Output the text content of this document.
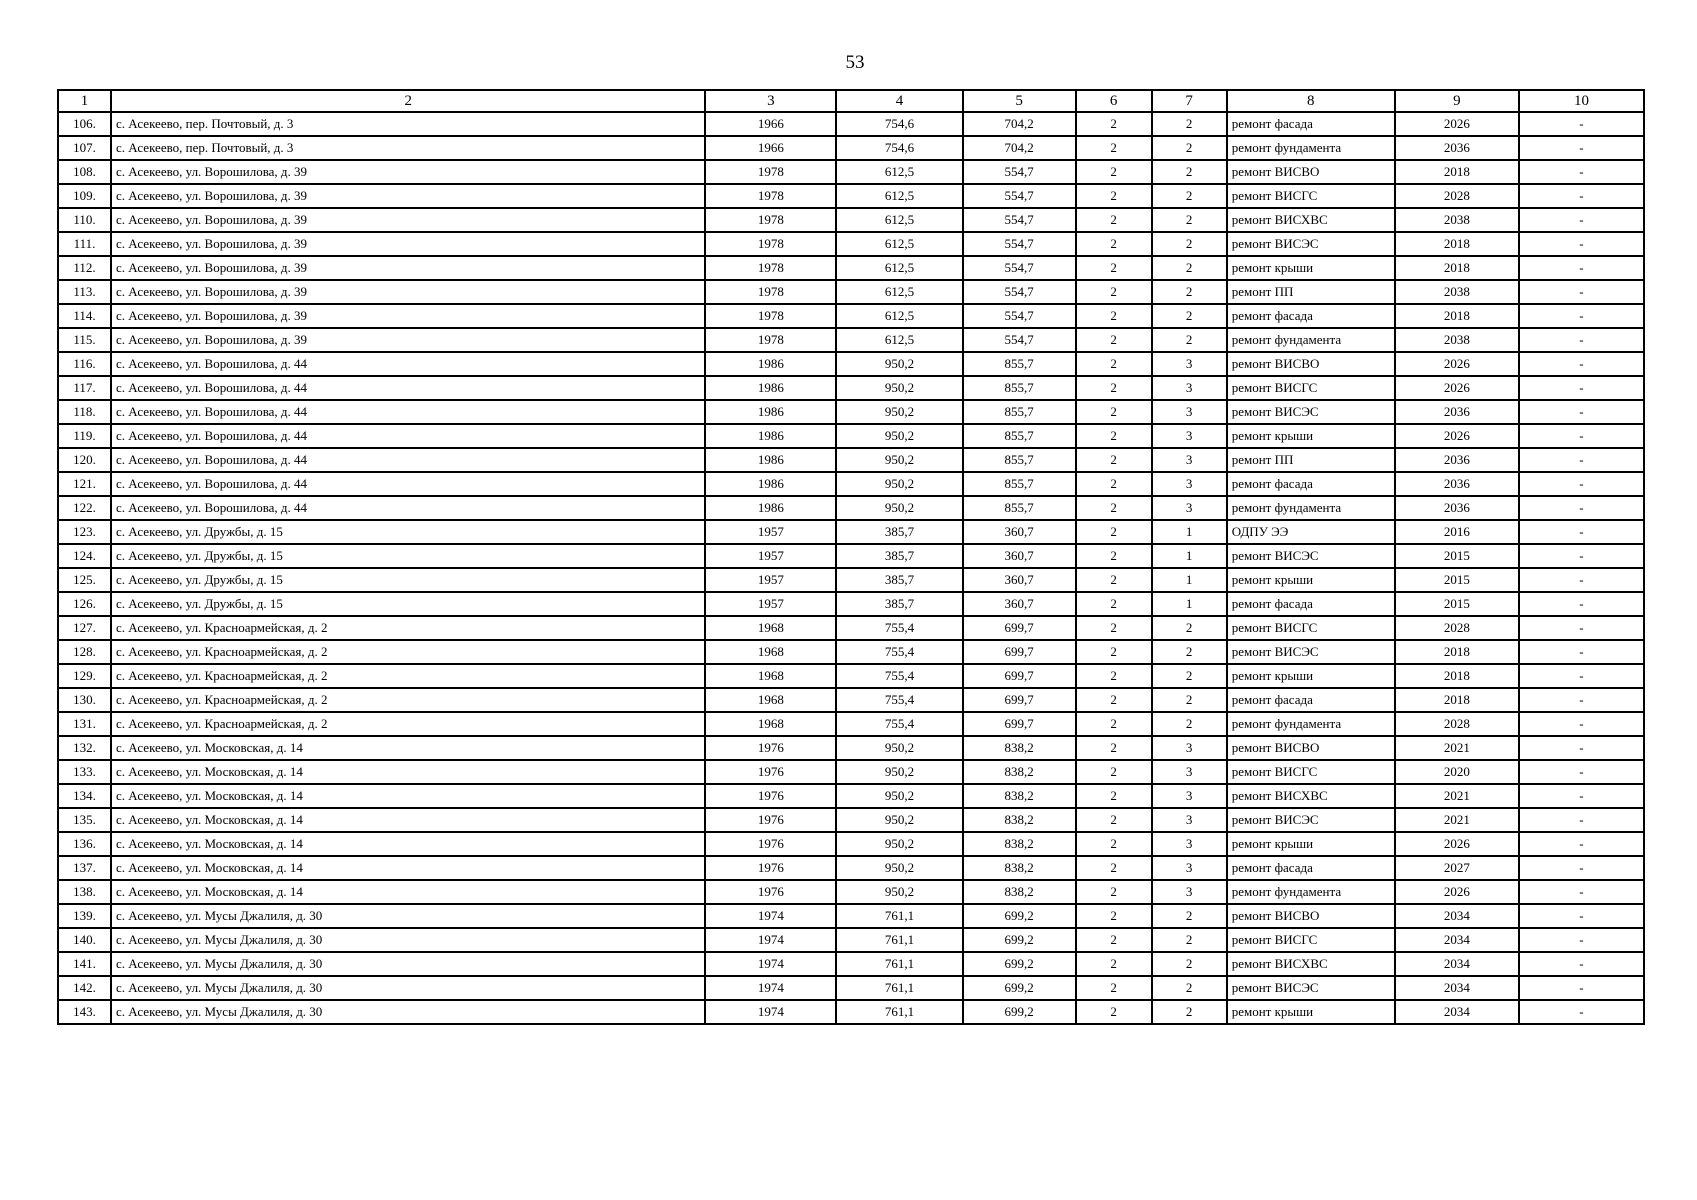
53
1	2	3	4	5	6	7	8	9	10
106.	с. Асекеево, пер. Почтовый, д. 3	1966	754,6	704,2	2	2	ремонт фасада	2026	-
107.	с. Асекеево, пер. Почтовый, д. 3	1966	754,6	704,2	2	2	ремонт фундамента	2036	-
108.	с. Асекеево, ул. Ворошилова, д. 39	1978	612,5	554,7	2	2	ремонт ВИСВО	2018	-
109.	с. Асекеево, ул. Ворошилова, д. 39	1978	612,5	554,7	2	2	ремонт ВИСГС	2028	-
110.	с. Асекеево, ул. Ворошилова, д. 39	1978	612,5	554,7	2	2	ремонт ВИСХВС	2038	-
111.	с. Асекеево, ул. Ворошилова, д. 39	1978	612,5	554,7	2	2	ремонт ВИСЭС	2018	-
112.	с. Асекеево, ул. Ворошилова, д. 39	1978	612,5	554,7	2	2	ремонт крыши	2018	-
113.	с. Асекеево, ул. Ворошилова, д. 39	1978	612,5	554,7	2	2	ремонт ПП	2038	-
114.	с. Асекеево, ул. Ворошилова, д. 39	1978	612,5	554,7	2	2	ремонт фасада	2018	-
115.	с. Асекеево, ул. Ворошилова, д. 39	1978	612,5	554,7	2	2	ремонт фундамента	2038	-
116.	с. Асекеево, ул. Ворошилова, д. 44	1986	950,2	855,7	2	3	ремонт ВИСВО	2026	-
117.	с. Асекеево, ул. Ворошилова, д. 44	1986	950,2	855,7	2	3	ремонт ВИСГС	2026	-
118.	с. Асекеево, ул. Ворошилова, д. 44	1986	950,2	855,7	2	3	ремонт ВИСЭС	2036	-
119.	с. Асекеево, ул. Ворошилова, д. 44	1986	950,2	855,7	2	3	ремонт крыши	2026	-
120.	с. Асекеево, ул. Ворошилова, д. 44	1986	950,2	855,7	2	3	ремонт ПП	2036	-
121.	с. Асекеево, ул. Ворошилова, д. 44	1986	950,2	855,7	2	3	ремонт фасада	2036	-
122.	с. Асекеево, ул. Ворошилова, д. 44	1986	950,2	855,7	2	3	ремонт фундамента	2036	-
123.	с. Асекеево, ул. Дружбы, д. 15	1957	385,7	360,7	2	1	ОДПУ ЭЭ	2016	-
124.	с. Асекеево, ул. Дружбы, д. 15	1957	385,7	360,7	2	1	ремонт ВИСЭС	2015	-
125.	с. Асекеево, ул. Дружбы, д. 15	1957	385,7	360,7	2	1	ремонт крыши	2015	-
126.	с. Асекеево, ул. Дружбы, д. 15	1957	385,7	360,7	2	1	ремонт фасада	2015	-
127.	с. Асекеево, ул. Красноармейская, д. 2	1968	755,4	699,7	2	2	ремонт ВИСГС	2028	-
128.	с. Асекеево, ул. Красноармейская, д. 2	1968	755,4	699,7	2	2	ремонт ВИСЭС	2018	-
129.	с. Асекеево, ул. Красноармейская, д. 2	1968	755,4	699,7	2	2	ремонт крыши	2018	-
130.	с. Асекеево, ул. Красноармейская, д. 2	1968	755,4	699,7	2	2	ремонт фасада	2018	-
131.	с. Асекеево, ул. Красноармейская, д. 2	1968	755,4	699,7	2	2	ремонт фундамента	2028	-
132.	с. Асекеево, ул. Московская, д. 14	1976	950,2	838,2	2	3	ремонт ВИСВО	2021	-
133.	с. Асекеево, ул. Московская, д. 14	1976	950,2	838,2	2	3	ремонт ВИСГС	2020	-
134.	с. Асекеево, ул. Московская, д. 14	1976	950,2	838,2	2	3	ремонт ВИСХВС	2021	-
135.	с. Асекеево, ул. Московская, д. 14	1976	950,2	838,2	2	3	ремонт ВИСЭС	2021	-
136.	с. Асекеево, ул. Московская, д. 14	1976	950,2	838,2	2	3	ремонт крыши	2026	-
137.	с. Асекеево, ул. Московская, д. 14	1976	950,2	838,2	2	3	ремонт фасада	2027	-
138.	с. Асекеево, ул. Московская, д. 14	1976	950,2	838,2	2	3	ремонт фундамента	2026	-
139.	с. Асекеево, ул. Мусы Джалиля, д. 30	1974	761,1	699,2	2	2	ремонт ВИСВО	2034	-
140.	с. Асекеево, ул. Мусы Джалиля, д. 30	1974	761,1	699,2	2	2	ремонт ВИСГС	2034	-
141.	с. Асекеево, ул. Мусы Джалиля, д. 30	1974	761,1	699,2	2	2	ремонт ВИСХВС	2034	-
142.	с. Асекеево, ул. Мусы Джалиля, д. 30	1974	761,1	699,2	2	2	ремонт ВИСЭС	2034	-
143.	с. Асекеево, ул. Мусы Джалиля, д. 30	1974	761,1	699,2	2	2	ремонт крыши	2034	-
